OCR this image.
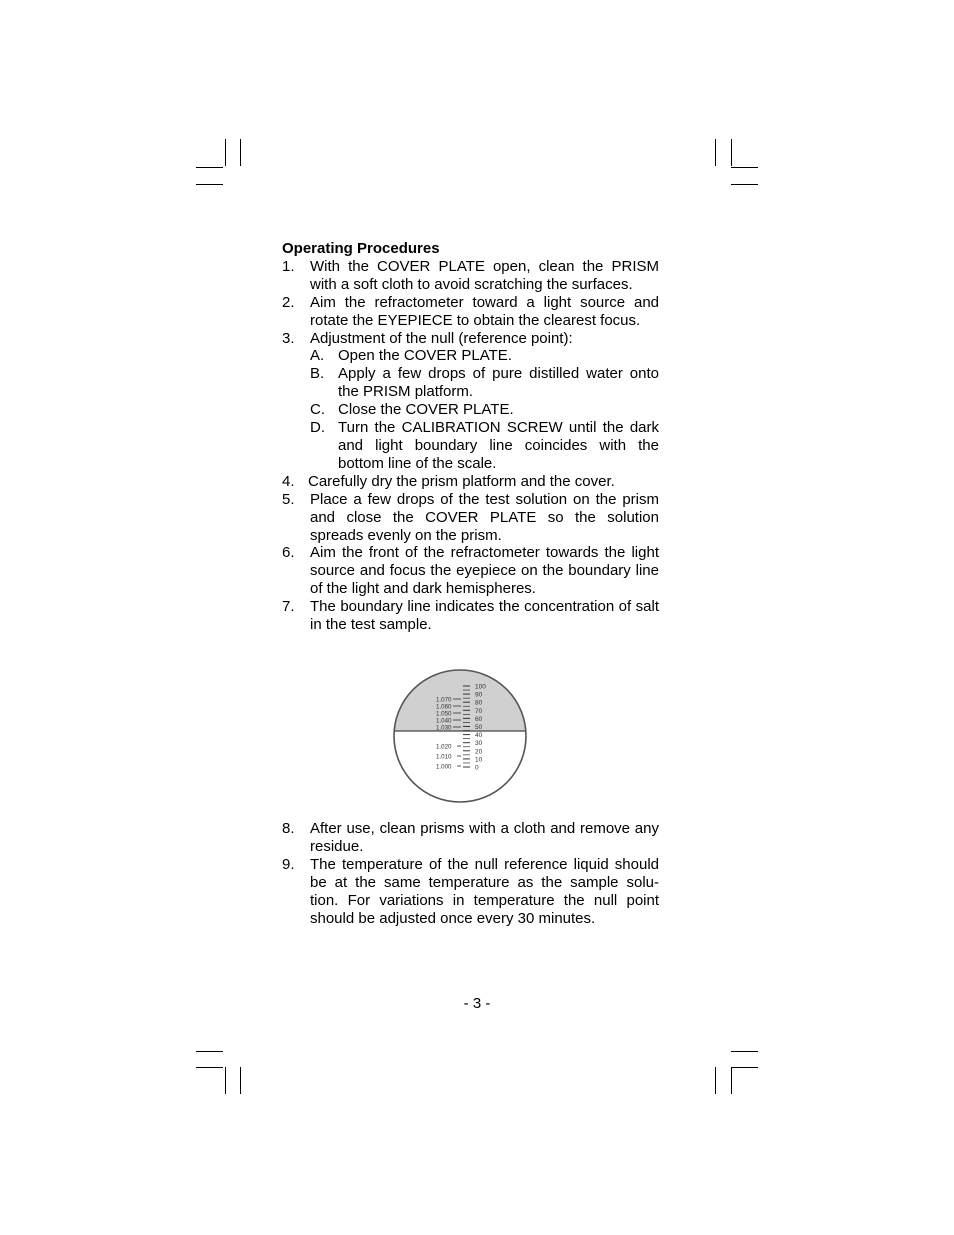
Operating Procedures

1. With the COVER PLATE open, clean the PRISM with a soft cloth to avoid scratching the surfaces.
2. Aim the refractometer toward a light source and rotate the EYEPIECE to obtain the clearest focus.
3. Adjustment of the null (reference point):
A. Open the COVER PLATE.
B. Apply a few drops of pure distilled water onto the PRISM platform.
C. Close the COVER PLATE.
D. Turn the CALIBRATION SCREW until the dark and light boundary line coincides with the bottom line of the scale.
4. Carefully dry the prism platform and the cover.
5. Place a few drops of the test solution on the prism and close the COVER PLATE so the solution spreads evenly on the prism.
6. Aim the front of the refractometer towards the light source and focus the eyepiece on the boundary line of the light and dark hemispheres.
7. The boundary line indicates the concentration of salt in the test sample.
100
90
80
70
60
50
40
30
20
10
0
1.070
1.060
1.050
1.040
1.030
1.020
1.010
1.000
8. After use, clean prisms with a cloth and remove any residue.
9. The temperature of the null reference liquid should be at the same temperature as the sample solu- tion. For variations in temperature the null point should be adjusted once every 30 minutes.
- 3 -
